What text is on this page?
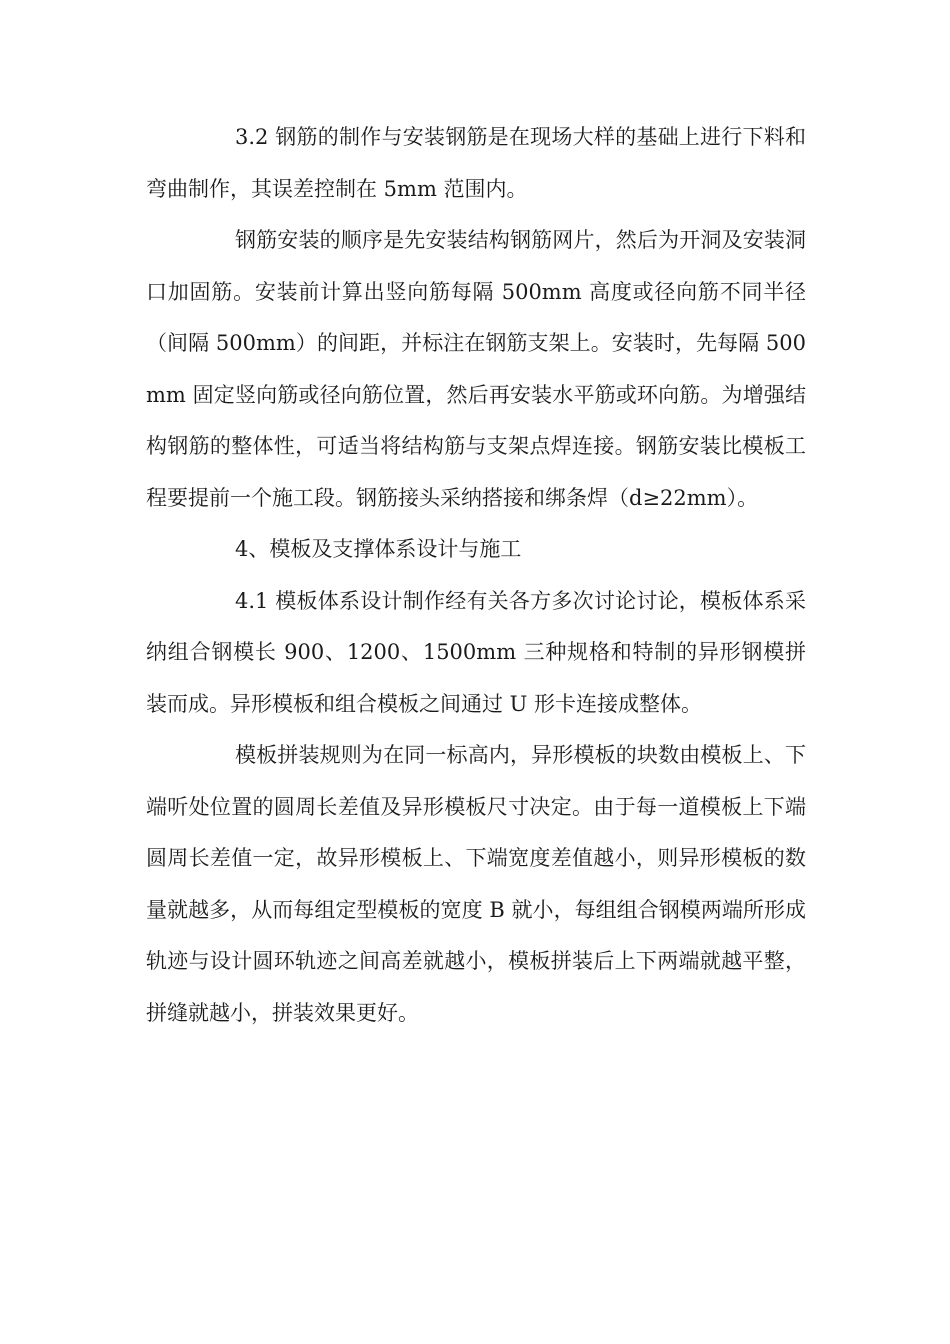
3.2 钢筋的制作与安装钢筋是在现场大样的基础上进行下料和弯曲制作，其误差控制在 5mm 范围内。

钢筋安装的顺序是先安装结构钢筋网片，然后为开洞及安装洞口加固筋。安装前计算出竖向筋每隔 500mm 高度或径向筋不同半径（间隔 500mm）的间距，并标注在钢筋支架上。安装时，先每隔 500mm 固定竖向筋或径向筋位置，然后再安装水平筋或环向筋。为增强结构钢筋的整体性，可适当将结构筋与支架点焊连接。钢筋安装比模板工程要提前一个施工段。钢筋接头采纳搭接和绑条焊（d≥22mm）。

4、模板及支撑体系设计与施工

4.1 模板体系设计制作经有关各方多次讨论讨论，模板体系采纳组合钢模长 900、1200、1500mm 三种规格和特制的异形钢模拼装而成。异形模板和组合模板之间通过 U 形卡连接成整体。

模板拼装规则为在同一标高内，异形模板的块数由模板上、下端听处位置的圆周长差值及异形模板尺寸决定。由于每一道模板上下端圆周长差值一定，故异形模板上、下端宽度差值越小，则异形模板的数量就越多，从而每组定型模板的宽度 B 就小，每组组合钢模两端所形成轨迹与设计圆环轨迹之间高差就越小，模板拼装后上下两端就越平整，拼缝就越小，拼装效果更好。
